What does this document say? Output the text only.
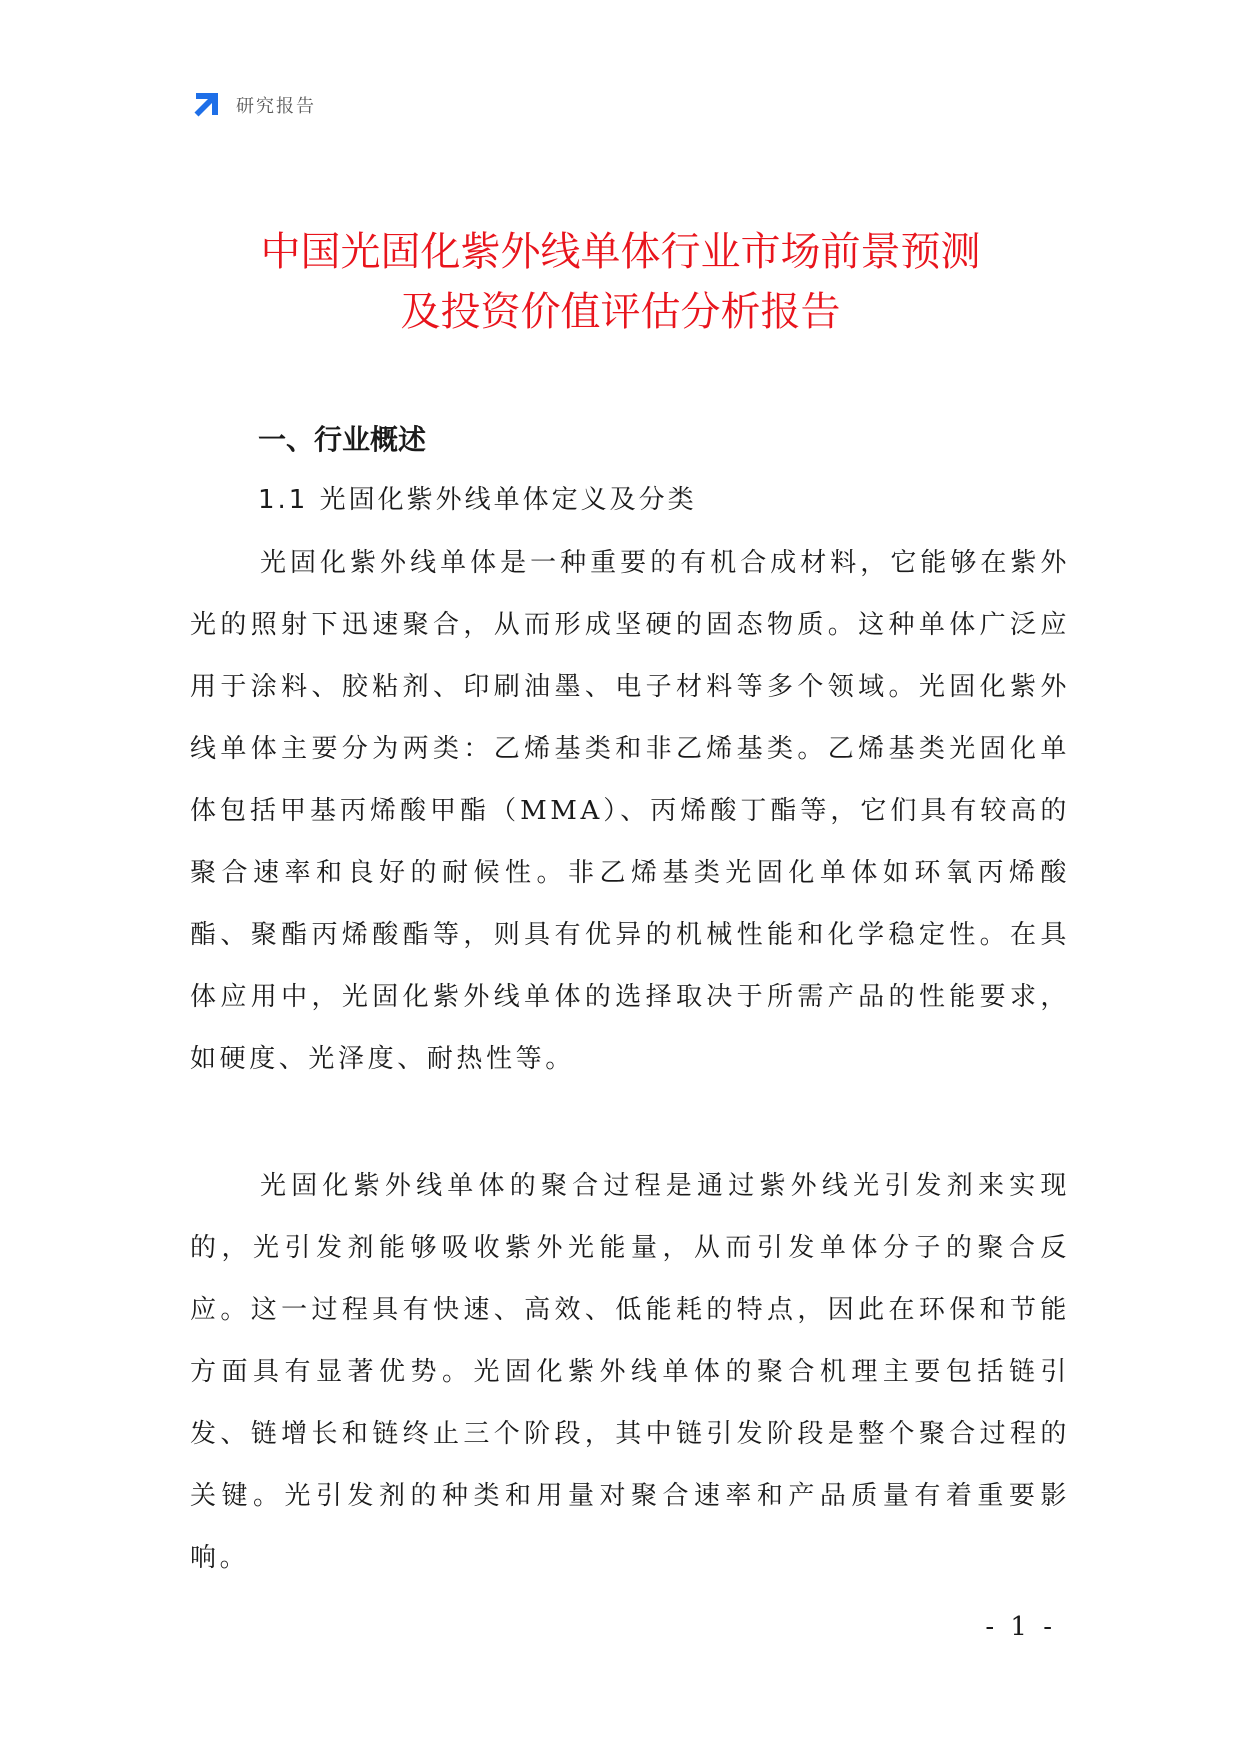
研究报告
中国光固化紫外线单体行业市场前景预测
及投资价值评估分析报告
一、行业概述
1.1 光固化紫外线单体定义及分类

光固化紫外线单体是一种重要的有机合成材料，它能够在紫外光的照射下迅速聚合，从而形成坚硬的固态物质。这种单体广泛应用于涂料、胶粘剂、印刷油墨、电子材料等多个领域。光固化紫外线单体主要分为两类：乙烯基类和非乙烯基类。乙烯基类光固化单体包括甲基丙烯酸甲酯（MMA）、丙烯酸丁酯等，它们具有较高的聚合速率和良好的耐候性。非乙烯基类光固化单体如环氧丙烯酸酯、聚酯丙烯酸酯等，则具有优异的机械性能和化学稳定性。在具体应用中，光固化紫外线单体的选择取决于所需产品的性能要求，如硬度、光泽度、耐热性等。

光固化紫外线单体的聚合过程是通过紫外线光引发剂来实现的，光引发剂能够吸收紫外光能量，从而引发单体分子的聚合反应。这一过程具有快速、高效、低能耗的特点，因此在环保和节能方面具有显著优势。光固化紫外线单体的聚合机理主要包括链引发、链增长和链终止三个阶段，其中链引发阶段是整个聚合过程的关键。光引发剂的种类和用量对聚合速率和产品质量有着重要影响。

- 1 -
